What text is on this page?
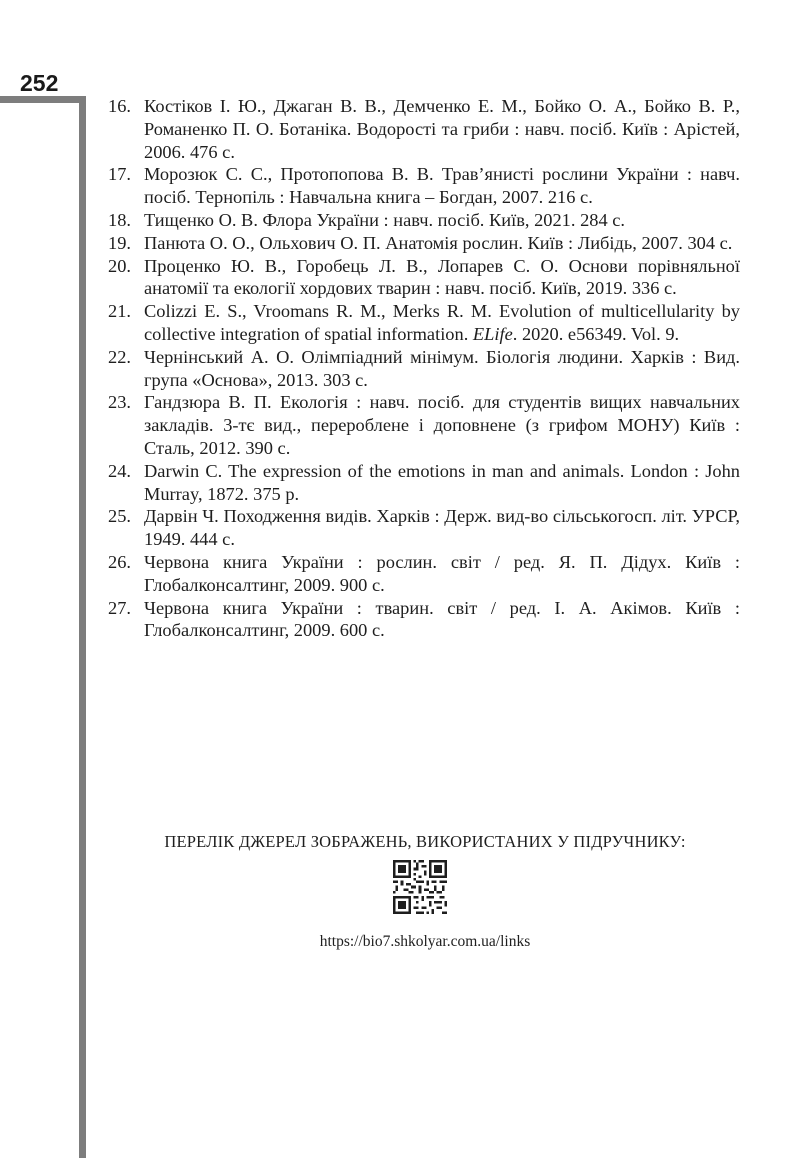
252
16. Костіков І. Ю., Джаган В. В., Демченко Е. М., Бойко О. А., Бойко В. Р., Романенко П. О. Ботаніка. Водорості та гриби : навч. посіб. Київ : Арістей, 2006. 476 с.
17. Морозюк С. С., Протопопова В. В. Трав’янисті рослини України : навч. посіб. Тернопіль : Навчальна книга – Богдан, 2007. 216 с.
18. Тищенко О. В. Флора України : навч. посіб. Київ, 2021. 284 с.
19. Панюта О. О., Ольхович О. П. Анатомія рослин. Київ : Либідь, 2007. 304 с.
20. Проценко Ю. В., Горобець Л. В., Лопарев С. О. Основи порівняльної анатомії та екології хордових тварин : навч. посіб. Київ, 2019. 336 с.
21. Colizzi E. S., Vroomans R. M., Merks R. M. Evolution of multicellularity by collective integration of spatial information. ELife. 2020. e56349. Vol. 9.
22. Чернінський А. О. Олімпіадний мінімум. Біологія людини. Харків : Вид. група «Основа», 2013. 303 с.
23. Гандзюра В. П. Екологія : навч. посіб. для студентів вищих навчальних закладів. 3-тє вид., перероблене і доповнене (з грифом МОНУ) Київ : Сталь, 2012. 390 с.
24. Darwin C. The expression of the emotions in man and animals. London : John Murray, 1872. 375 p.
25. Дарвін Ч. Походження видів. Харків : Держ. вид-во сільськогосп. літ. УРСР, 1949. 444 с.
26. Червона книга України : рослин. світ / ред. Я. П. Дідух. Київ : Глобалконсалтинг, 2009. 900 с.
27. Червона книга України : тварин. світ / ред. І. А. Акімов. Київ : Глобалконсалтинг, 2009. 600 с.
ПЕРЕЛІК ДЖЕРЕЛ ЗОБРАЖЕНЬ, ВИКОРИСТАНИХ У ПІДРУЧНИКУ:
https://bio7.shkolyar.com.ua/links
